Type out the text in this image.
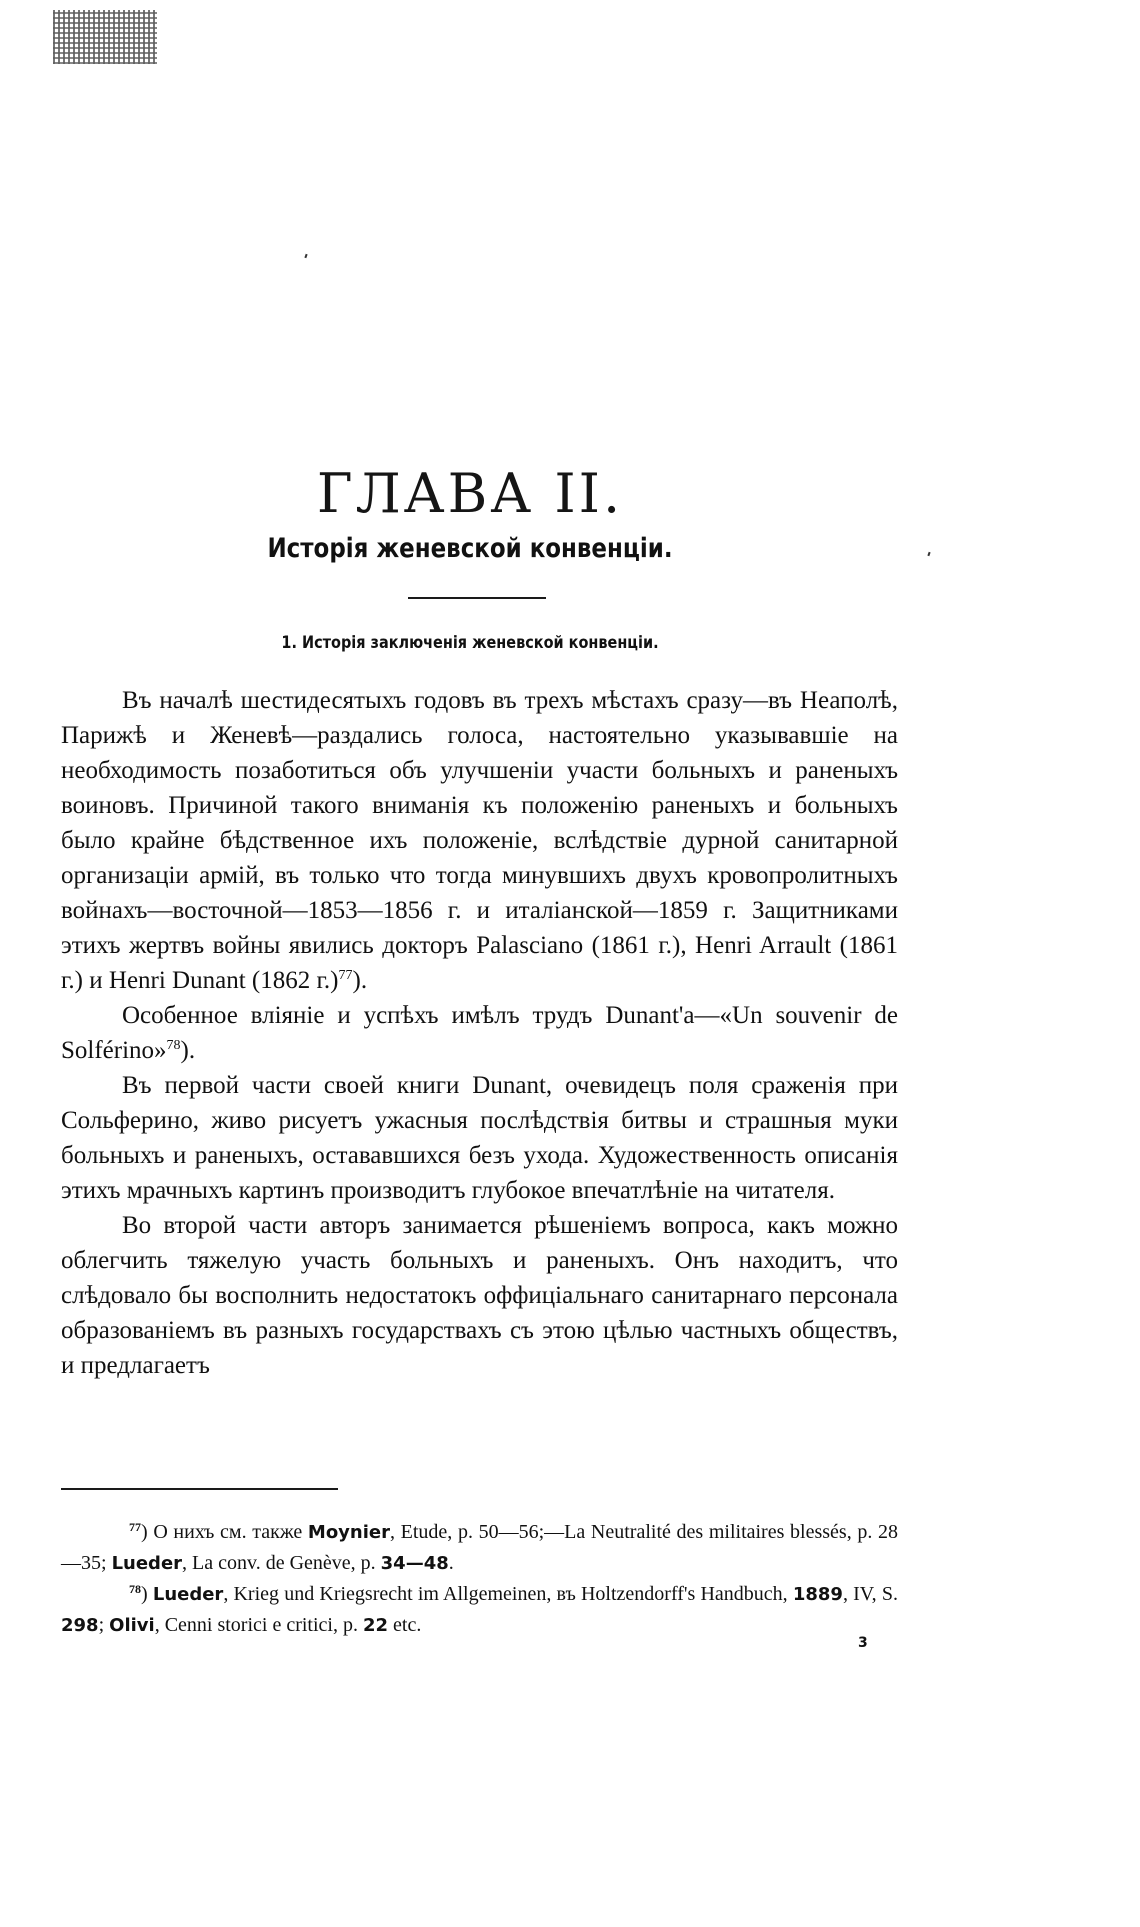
ГЛАВА II.
Исторія женевской конвенціи.
1. Исторія заключенія женевской конвенціи.

Въ началѣ шестидесятыхъ годовъ въ трехъ мѣстахъ сразу—въ Неаполѣ, Парижѣ и Женевѣ—раздались голоса, настоятельно указывавшіе на необходимость позаботиться объ улучшеніи участи больныхъ и раненыхъ воиновъ. Причиной такого вниманія къ положенію раненыхъ и больныхъ было крайне бѣдственное ихъ положеніе, вслѣдствіе дурной санитарной организаціи армій, въ только что тогда минувшихъ двухъ кровопролитныхъ войнахъ—восточной—1853—1856 г. и италіанской—1859 г. Защитниками этихъ жертвъ войны явились докторъ Palasciano (1861 г.), Henri Arrault (1861 г.) и Henri Dunant (1862 г.)$^{77}$).

Особенное вліяніе и успѣхъ имѣлъ трудъ Dunant'a—«Un souvenir de Solférino»$^{78}$).

Въ первой части своей книги Dunant, очевидецъ поля сраженія при Сольферино, живо рисуетъ ужасныя послѣдствія битвы и страшныя муки больныхъ и раненыхъ, остававшихся безъ ухода. Художественность описанія этихъ мрачныхъ картинъ производитъ глубокое впечатлѣніе на читателя.

Во второй части авторъ занимается рѣшеніемъ вопроса, какъ можно облегчить тяжелую участь больныхъ и раненыхъ. Онъ находитъ, что слѣдовало бы восполнить недостатокъ оффиціальнаго санитарнаго персонала образованіемъ въ разныхъ государствахъ съ этою цѣлью частныхъ обществъ, и предлагаетъ

$^{77}$) О нихъ см. также Moynier, Etude, p. 50—56;—La Neutralité des militaires blessés, p. 28—35; Lueder, La conv. de Genève, p. 34—48.

$^{78}$) Lueder, Krieg und Kriegsrecht im Allgemeinen, въ Holtzendorff's Handbuch, 1889, IV, S. 298; Olivi, Cenni storici e critici, p. 22 etc.

3
